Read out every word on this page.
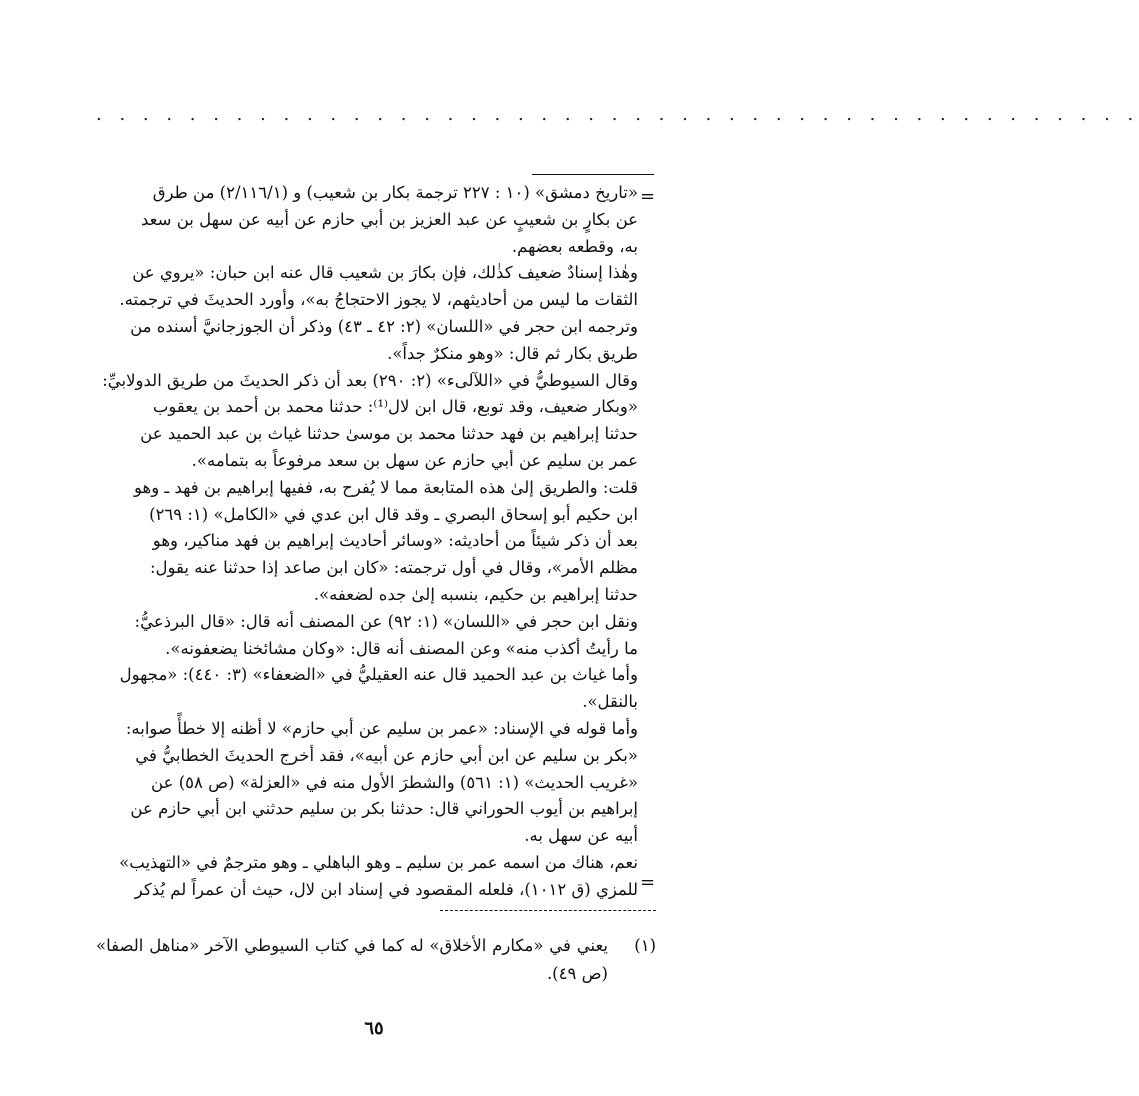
. . . . . . . . . . . . . . . . . . . . . . . . . . . . . . . . . . . . . . . . . . . . .
=

«تاريخ دمشق» (١٠ : ٢٢٧ ترجمة بكار بن شعيب) و (٢/١١٦/١) من طرق

عن بكارٍ بن شعيبٍ عن عبد العزيز بن أبي حازم عن أبيه عن سهل بن سعد

به، وقطعه بعضهم.

وهٰذا إسنادٌ ضعيف كذٰلك، فإن بكارَ بن شعيب قال عنه ابن حبان: «يروي عن

الثقات ما ليس من أحاديثهم، لا يجوز الاحتجاجُ به»، وأورد الحديثَ في ترجمته.

وترجمه ابن حجر في «اللسان» (٢: ٤٢ ـ ٤٣) وذكر أن الجوزجانيَّ أسنده من

طريق بكار ثم قال: «وهو منكرٌ جداً».

وقال السيوطيُّ في «اللآلىء» (٢: ٢٩٠) بعد أن ذكر الحديثَ من طريق الدولابيِّ:

«وبكار ضعيف، وقد توبع، قال ابن لال⁽¹⁾: حدثنا محمد بن أحمد بن يعقوب

حدثنا إبراهيم بن فهد حدثنا محمد بن موسىٰ حدثنا غياث بن عبد الحميد عن

عمر بن سليم عن أبي حازم عن سهل بن سعد مرفوعاً به بتمامه».

قلت: والطريق إلىٰ هذه المتابعة مما لا يُفرح به، ففيها إبراهيم بن فهد ـ وهو

ابن حكيم أبو إسحاق البصري ـ وقد قال ابن عدي في «الكامل» (١: ٢٦٩)

بعد أن ذكر شيئاً من أحاديثه: «وسائر أحاديث إبراهيم بن فهد مناكير، وهو

مظلم الأمر»، وقال في أول ترجمته: «كان ابن صاعد إذا حدثنا عنه يقول:

حدثنا إبراهيم بن حكيم، بنسبه إلىٰ جده لضعفه».

ونقل ابن حجر في «اللسان» (١: ٩٢) عن المصنف أنه قال: «قال البرذعيُّ:

ما رأيتُ أكذب منه» وعن المصنف أنه قال: «وكان مشائخنا يضعفونه».

وأما غياث بن عبد الحميد قال عنه العقيليُّ في «الضعفاء» (٣: ٤٤٠): «مجهول

بالنقل».

وأما قوله في الإسناد: «عمر بن سليم عن أبي حازم» لا أظنه إلا خطأً صوابه:

«بكر بن سليم عن ابن أبي حازم عن أبيه»، فقد أخرج الحديثَ الخطابيُّ في

«غريب الحديث» (١: ٥٦١) والشطرَ الأول منه في «العزلة» (ص ٥٨) عن

إبراهيم بن أيوب الحوراني قال: حدثنا بكر بن سليم حدثني ابن أبي حازم عن

أبيه عن سهل به.

نعم، هناك من اسمه عمر بن سليم ـ وهو الباهلي ـ وهو مترجمٌ في «التهذيب»

للمزي (ق ١٠١٢)، فلعله المقصود في إسناد ابن لال، حيث أن عمراً لم يُذكر =
(١)
يعني في «مكارم الأخلاق» له كما في كتاب السيوطي الآخر «مناهل الصفا» (ص ٤٩).
٦٥
